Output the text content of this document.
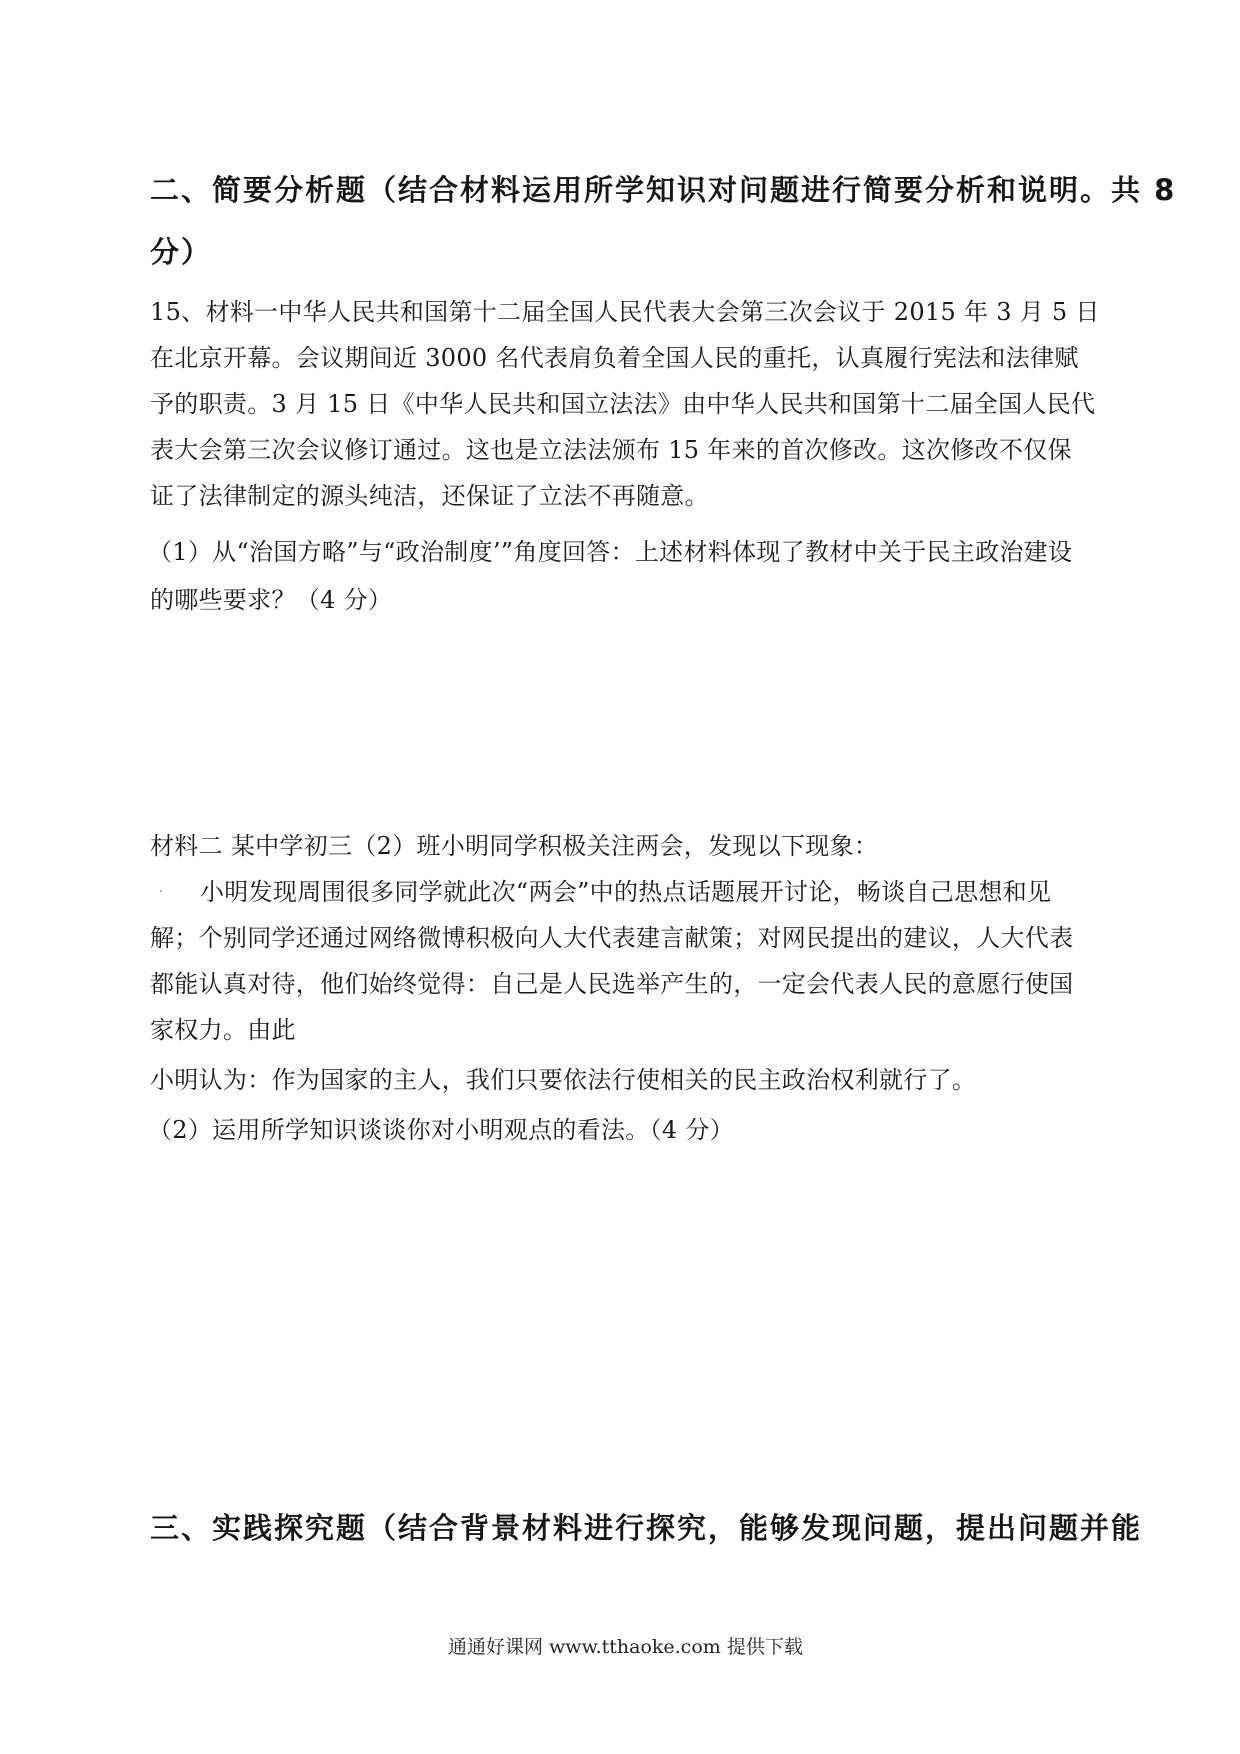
二、简要分析题（结合材料运用所学知识对问题进行简要分析和说明。共 8
分）
15、材料一中华人民共和国第十二届全国人民代表大会第三次会议于 2015 年 3 月 5 日
在北京开幕。会议期间近 3000 名代表肩负着全国人民的重托，认真履行宪法和法律赋
予的职责。3 月 15 日《中华人民共和国立法法》由中华人民共和国第十二届全国人民代
表大会第三次会议修订通过。这也是立法法颁布 15 年来的首次修改。这次修改不仅保
证了法律制定的源头纯洁，还保证了立法不再随意。
（1）从“治国方略”与“政治制度’”角度回答：上述材料体现了教材中关于民主政治建设
的哪些要求？（4 分）
材料二 某中学初三（2）班小明同学积极关注两会，发现以下现象：
小明发现周围很多同学就此次“两会”中的热点话题展开讨论，畅谈自己思想和见
解；个别同学还通过网络微博积极向人大代表建言献策；对网民提出的建议，人大代表
都能认真对待，他们始终觉得：自己是人民选举产生的，一定会代表人民的意愿行使国
家权力。由此
小明认为：作为国家的主人，我们只要依法行使相关的民主政治权利就行了。
（2）运用所学知识谈谈你对小明观点的看法。（4 分）
三、实践探究题（结合背景材料进行探究，能够发现问题，提出问题并能
通通好课网 www.tthaoke.com 提供下载
